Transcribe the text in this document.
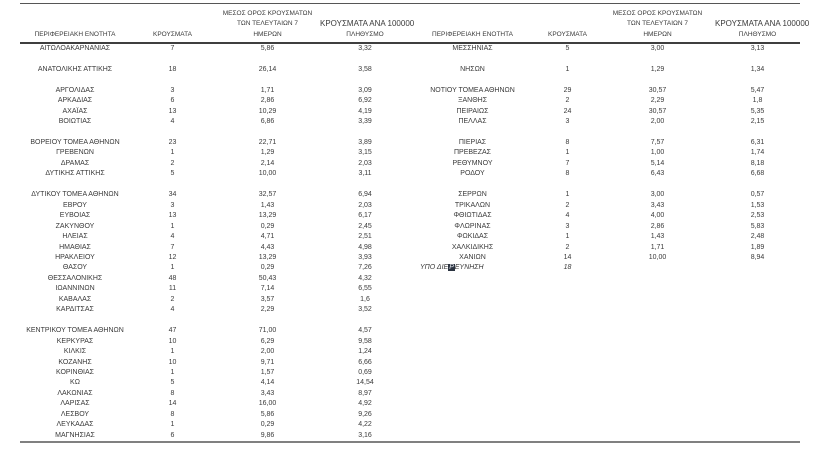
ΠΕΡΙΦΕΡΕΙΑΚΗ ΕΝΟΤΗΤΑ	ΚΡΟΥΣΜΑΤΑ

ΜΕΣΟΣ ΟΡΟΣ ΚΡΟΥΣΜΑΤΩΝ
ΤΩΝ ΤΕΛΕΥΤΑΙΩΝ 7
ΗΜΕΡΩΝ

ΚΡΟΥΣΜΑΤΑ ΑΝΑ 100000
ΠΛΗΘΥΣΜΟ	ΠΕΡΙΦΕΡΕΙΑΚΗ ΕΝΟΤΗΤΑ	ΚΡΟΥΣΜΑΤΑ

ΜΕΣΟΣ ΟΡΟΣ ΚΡΟΥΣΜΑΤΩΝ
ΤΩΝ ΤΕΛΕΥΤΑΙΩΝ 7
ΗΜΕΡΩΝ

ΚΡΟΥΣΜΑΤΑ ΑΝΑ 100000
ΠΛΗΘΥΣΜΟ

ΑΙΤΩΛΟΑΚΑΡΝΑΝΙΑΣ	7	5,86	3,32	ΜΕΣΣΗΝΙΑΣ	5	3,00	3,13

ΑΝΑΤΟΛΙΚΗΣ ΑΤΤΙΚΗΣ	18	26,14	3,58	ΝΗΣΩΝ	1	1,29	1,34

ΑΡΓΟΛΙΔΑΣ	3	1,71	3,09	ΝΟΤΙΟΥ ΤΟΜΕΑ ΑΘΗΝΩΝ	29	30,57	5,47
ΑΡΚΑΔΙΑΣ	6	2,86	6,92	ΞΑΝΘΗΣ	2	2,29	1,8
ΑΧΑΪΑΣ	13	10,29	4,19	ΠΕΙΡΑΙΩΣ	24	30,57	5,35
ΒΟΙΩΤΙΑΣ	4	6,86	3,39	ΠΕΛΛΑΣ	3	2,00	2,15

ΒΟΡΕΙΟΥ ΤΟΜΕΑ ΑΘΗΝΩΝ	23	22,71	3,89	ΠΙΕΡΙΑΣ	8	7,57	6,31
ΓΡΕΒΕΝΩΝ	1	1,29	3,15	ΠΡΕΒΕΖΑΣ	1	1,00	1,74
ΔΡΑΜΑΣ	2	2,14	2,03	ΡΕΘΥΜΝΟΥ	7	5,14	8,18
ΔΥΤΙΚΗΣ ΑΤΤΙΚΗΣ	5	10,00	3,11	ΡΟΔΟΥ	8	6,43	6,68

ΔΥΤΙΚΟΥ ΤΟΜΕΑ ΑΘΗΝΩΝ	34	32,57	6,94	ΣΕΡΡΩΝ	1	3,00	0,57
ΕΒΡΟΥ	3	1,43	2,03	ΤΡΙΚΑΛΩΝ	2	3,43	1,53
ΕΥΒΟΙΑΣ	13	13,29	6,17	ΦΘΙΩΤΙΔΑΣ	4	4,00	2,53
ΖΑΚΥΝΘΟΥ	1	0,29	2,45	ΦΛΩΡΙΝΑΣ	3	2,86	5,83
ΗΛΕΙΑΣ	4	4,71	2,51	ΦΩΚΙΔΑΣ	1	1,43	2,48
ΗΜΑΘΙΑΣ	7	4,43	4,98	ΧΑΛΚΙΔΙΚΗΣ	2	1,71	1,89
ΗΡΑΚΛΕΙΟΥ	12	13,29	3,93	ΧΑΝΙΩΝ	14	10,00	8,94
ΘΑΣΟΥ	1	0,29	7,26	ΥΠΟ ΔΙΕΡΕΥΝΗΣΗ	18		
ΘΕΣΣΑΛΟΝΙΚΗΣ	48	50,43	4,32				
ΙΩΑΝΝΙΝΩΝ	11	7,14	6,55				
ΚΑΒΑΛΑΣ	2	3,57	1,6				
ΚΑΡΔΙΤΣΑΣ	4	2,29	3,52				

ΚΕΝΤΡΙΚΟΥ ΤΟΜΕΑ ΑΘΗΝΩΝ	47	71,00	4,57				
ΚΕΡΚΥΡΑΣ	10	6,29	9,58				
ΚΙΛΚΙΣ	1	2,00	1,24				
ΚΟΖΑΝΗΣ	10	9,71	6,66				
ΚΟΡΙΝΘΙΑΣ	1	1,57	0,69				
ΚΩ	5	4,14	14,54				
ΛΑΚΩΝΙΑΣ	8	3,43	8,97				
ΛΑΡΙΣΑΣ	14	16,00	4,92				
ΛΕΣΒΟΥ	8	5,86	9,26				
ΛΕΥΚΑΔΑΣ	1	0,29	4,22				
ΜΑΓΝΗΣΙΑΣ	6	9,86	3,16				
